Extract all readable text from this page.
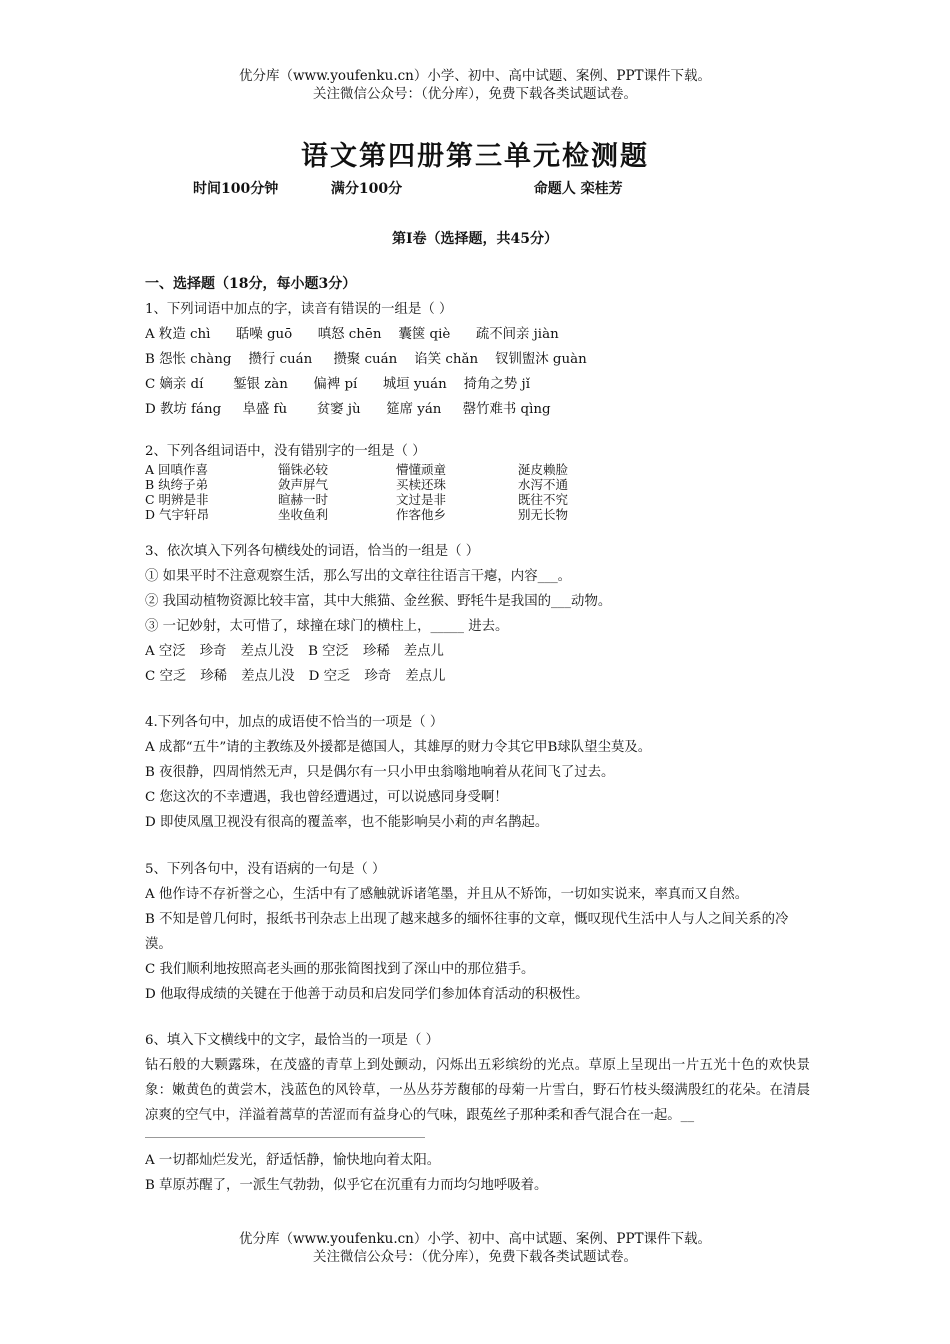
优分库（www.youfenku.cn）小学、初中、高中试题、案例、PPT课件下载。
关注微信公众号：（优分库），免费下载各类试题试卷。
语文第四册第三单元检测题
时间100分钟	满分100分	命题人 栾桂芳
第Ⅰ卷（选择题，共45分）
一、选择题（18分，每小题3分）
1、下列词语中加点的字，读音有错误的一组是（ ）
A 敉造 chì      聒噪 guō      嗔怒 chēn    囊箧 qiè      疏不间亲 jiàn
B 怨怅 chàng    攒行 cuán     攒聚 cuán    谄笑 chǎn    钗钏盥沐 guàn
C 嫡亲 dí       錾银 zàn      偏裨 pí      城垣 yuán    掎角之势 jǐ
D 教坊 fáng     阜盛 fù       贫窭 jù      筵席 yán     罄竹难书 qìng
2、下列各组词语中，没有错别字的一组是（ ）
A 回嗔作喜	锱铢必较	懵懂顽童	涎皮赖脸
B 纨绔子弟	敛声屏气	买椟还珠	水泻不通
C 明辨是非	暄赫一时	文过是非	既往不究
D 气宇轩昂	坐收鱼利	作客他乡	别无长物
3、依次填入下列各句横线处的词语，恰当的一组是（ ）
① 如果平时不注意观察生活，那么写出的文章往往语言干瘪，内容___。
② 我国动植物资源比较丰富，其中大熊猫、金丝猴、野牦牛是我国的___动物。
③ 一记妙射，太可惜了，球撞在球门的横柱上，_____ 进去。
A 空泛 珍奇 差点儿没 B 空泛 珍稀 差点儿
C 空乏 珍稀 差点儿没 D 空乏 珍奇 差点儿
4.下列各句中，加点的成语使不恰当的一项是（ ）
A 成都“五牛”请的主教练及外援都是德国人，其雄厚的财力令其它甲B球队望尘莫及。
B 夜很静，四周悄然无声，只是偶尔有一只小甲虫翁嗡地响着从花间飞了过去。
C 您这次的不幸遭遇，我也曾经遭遇过，可以说感同身受啊！
D 即使凤凰卫视没有很高的覆盖率，也不能影响吴小莉的声名鹊起。
5、下列各句中，没有语病的一句是（ ）
A 他作诗不存祈誉之心，生活中有了感触就诉诸笔墨，并且从不矫饰，一切如实说来，率真而又自然。
B 不知是曾几何时，报纸书刊杂志上出现了越来越多的缅怀往事的文章，慨叹现代生活中人与人之间关系的冷漠。
C 我们顺利地按照高老头画的那张简图找到了深山中的那位猎手。
D 他取得成绩的关键在于他善于动员和启发同学们参加体育活动的积极性。
6、填入下文横线中的文字，最恰当的一项是（ ）
钻石般的大颗露珠，在茂盛的青草上到处颤动，闪烁出五彩缤纷的光点。草原上呈现出一片五光十色的欢快景象：嫩黄色的黄尝木，浅蓝色的风铃草，一丛丛芬芳馥郁的母菊一片雪白，野石竹枝头缀满殷红的花朵。在清晨凉爽的空气中，洋溢着蒿草的苦涩而有益身心的气味，跟菟丝子那种柔和香气混合在一起。__
A 一切都灿烂发光，舒适恬静，愉快地向着太阳。
B 草原苏醒了，一派生气勃勃，似乎它在沉重有力而均匀地呼吸着。
优分库（www.youfenku.cn）小学、初中、高中试题、案例、PPT课件下载。
关注微信公众号：（优分库），免费下载各类试题试卷。
